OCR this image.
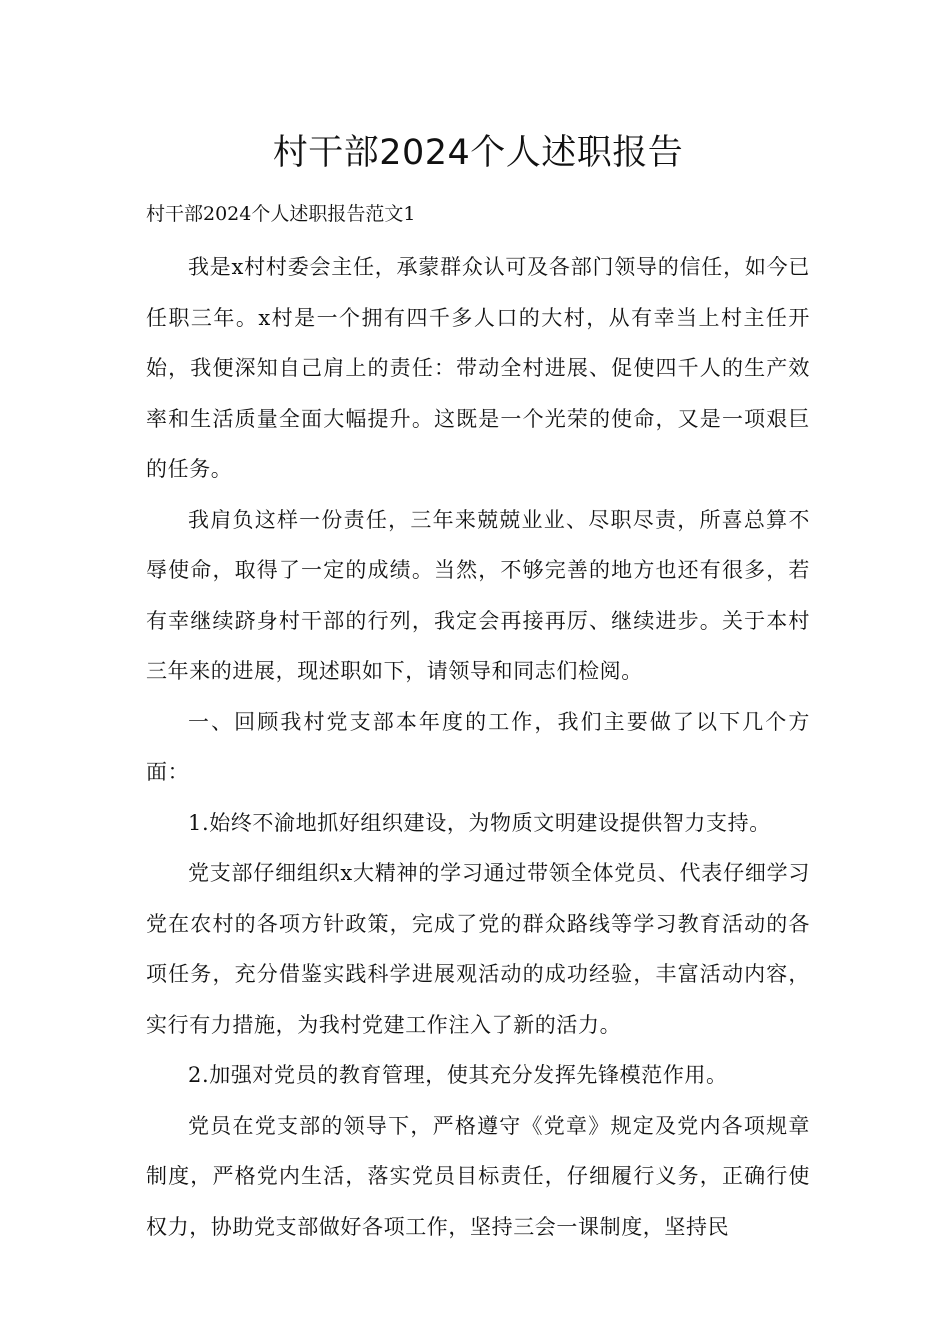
村干部2024个人述职报告

村干部2024个人述职报告范文1

我是x村村委会主任，承蒙群众认可及各部门领导的信任，如今已任职三年。x村是一个拥有四千多人口的大村，从有幸当上村主任开始，我便深知自己肩上的责任：带动全村进展、促使四千人的生产效率和生活质量全面大幅提升。这既是一个光荣的使命，又是一项艰巨的任务。

我肩负这样一份责任，三年来兢兢业业、尽职尽责，所喜总算不辱使命，取得了一定的成绩。当然，不够完善的地方也还有很多，若有幸继续跻身村干部的行列，我定会再接再厉、继续进步。关于本村三年来的进展，现述职如下，请领导和同志们检阅。

一、回顾我村党支部本年度的工作，我们主要做了以下几个方面：

1.始终不渝地抓好组织建设，为物质文明建设提供智力支持。

党支部仔细组织x大精神的学习通过带领全体党员、代表仔细学习党在农村的各项方针政策，完成了党的群众路线等学习教育活动的各项任务，充分借鉴实践科学进展观活动的成功经验，丰富活动内容，实行有力措施，为我村党建工作注入了新的活力。

2.加强对党员的教育管理，使其充分发挥先锋模范作用。

党员在党支部的领导下，严格遵守《党章》规定及党内各项规章制度，严格党内生活，落实党员目标责任，仔细履行义务，正确行使权力，协助党支部做好各项工作，坚持三会一课制度，坚持民
